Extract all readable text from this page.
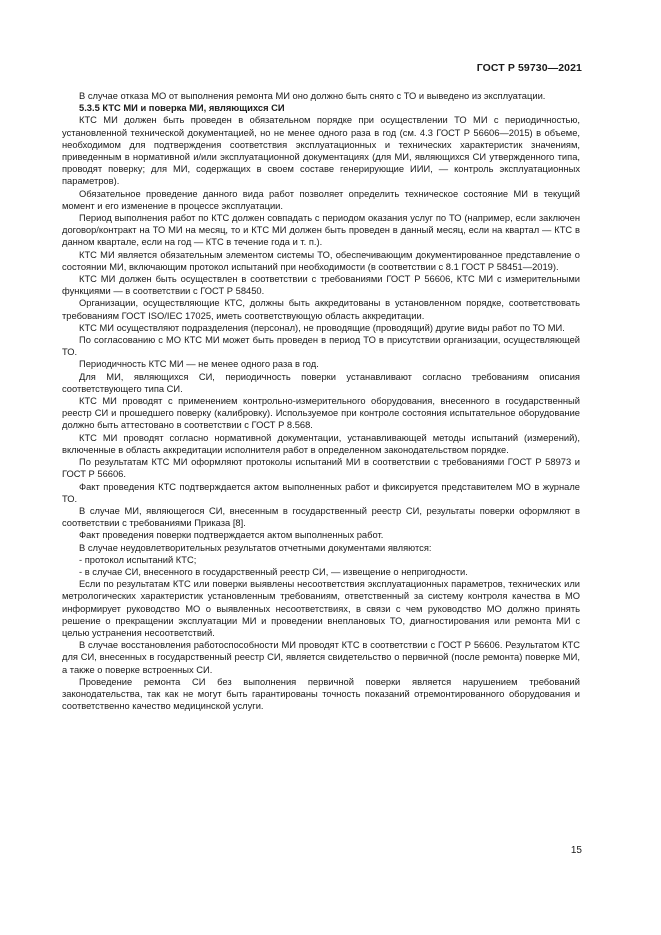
ГОСТ Р 59730—2021

В случае отказа МО от выполнения ремонта МИ оно должно быть снято с ТО и выведено из эксплуатации.

5.3.5 КТС МИ и поверка МИ, являющихся СИ

КТС МИ должен быть проведен в обязательном порядке при осуществлении ТО МИ с периодичностью, установленной технической документацией, но не менее одного раза в год (см. 4.3 ГОСТ Р 56606—2015) в объеме, необходимом для подтверждения соответствия эксплуатационных и технических характеристик значениям, приведенным в нормативной и/или эксплуатационной документациях (для МИ, являющихся СИ утвержденного типа, проводят поверку; для МИ, содержащих в своем составе генерирующие ИИИ, — контроль эксплуатационных параметров).

Обязательное проведение данного вида работ позволяет определить техническое состояние МИ в текущий момент и его изменение в процессе эксплуатации.

Период выполнения работ по КТС должен совпадать с периодом оказания услуг по ТО (например, если заключен договор/контракт на ТО МИ на месяц, то и КТС МИ должен быть проведен в данный месяц, если на квартал — КТС в данном квартале, если на год — КТС в течение года и т. п.).

КТС МИ является обязательным элементом системы ТО, обеспечивающим документированное представление о состоянии МИ, включающим протокол испытаний при необходимости (в соответствии с 8.1 ГОСТ Р 58451—2019).

КТС МИ должен быть осуществлен в соответствии с требованиями ГОСТ Р 56606, КТС МИ с измерительными функциями — в соответствии с ГОСТ Р 58450.

Организации, осуществляющие КТС, должны быть аккредитованы в установленном порядке, соответствовать требованиям ГОСТ ISO/IEC 17025, иметь соответствующую область аккредитации.

КТС МИ осуществляют подразделения (персонал), не проводящие (проводящий) другие виды работ по ТО МИ.

По согласованию с МО КТС МИ может быть проведен в период ТО в присутствии организации, осуществляющей ТО.

Периодичность КТС МИ — не менее одного раза в год.

Для МИ, являющихся СИ, периодичность поверки устанавливают согласно требованиям описания соответствующего типа СИ.

КТС МИ проводят с применением контрольно-измерительного оборудования, внесенного в государственный реестр СИ и прошедшего поверку (калибровку). Используемое при контроле состояния испытательное оборудование должно быть аттестовано в соответствии с ГОСТ Р 8.568.

КТС МИ проводят согласно нормативной документации, устанавливающей методы испытаний (измерений), включенные в область аккредитации исполнителя работ в определенном законодательством порядке.

По результатам КТС МИ оформляют протоколы испытаний МИ в соответствии с требованиями ГОСТ Р 58973 и ГОСТ Р 56606.

Факт проведения КТС подтверждается актом выполненных работ и фиксируется представителем МО в журнале ТО.

В случае МИ, являющегося СИ, внесенным в государственный реестр СИ, результаты поверки оформляют в соответствии с требованиями Приказа [8].

Факт проведения поверки подтверждается актом выполненных работ.

В случае неудовлетворительных результатов отчетными документами являются:

- протокол испытаний КТС;

- в случае СИ, внесенного в государственный реестр СИ, — извещение о непригодности.

Если по результатам КТС или поверки выявлены несоответствия эксплуатационных параметров, технических или метрологических характеристик установленным требованиям, ответственный за систему контроля качества в МО информирует руководство МО о выявленных несоответствиях, в связи с чем руководство МО должно принять решение о прекращении эксплуатации МИ и проведении внеплановых ТО, диагностирования или ремонта МИ с целью устранения несоответствий.

В случае восстановления работоспособности МИ проводят КТС в соответствии с ГОСТ Р 56606. Результатом КТС для СИ, внесенных в государственный реестр СИ, является свидетельство о первичной (после ремонта) поверке МИ, а также о поверке встроенных СИ.

Проведение ремонта СИ без выполнения первичной поверки является нарушением требований законодательства, так как не могут быть гарантированы точность показаний отремонтированного оборудования и соответственно качество медицинской услуги.

15
